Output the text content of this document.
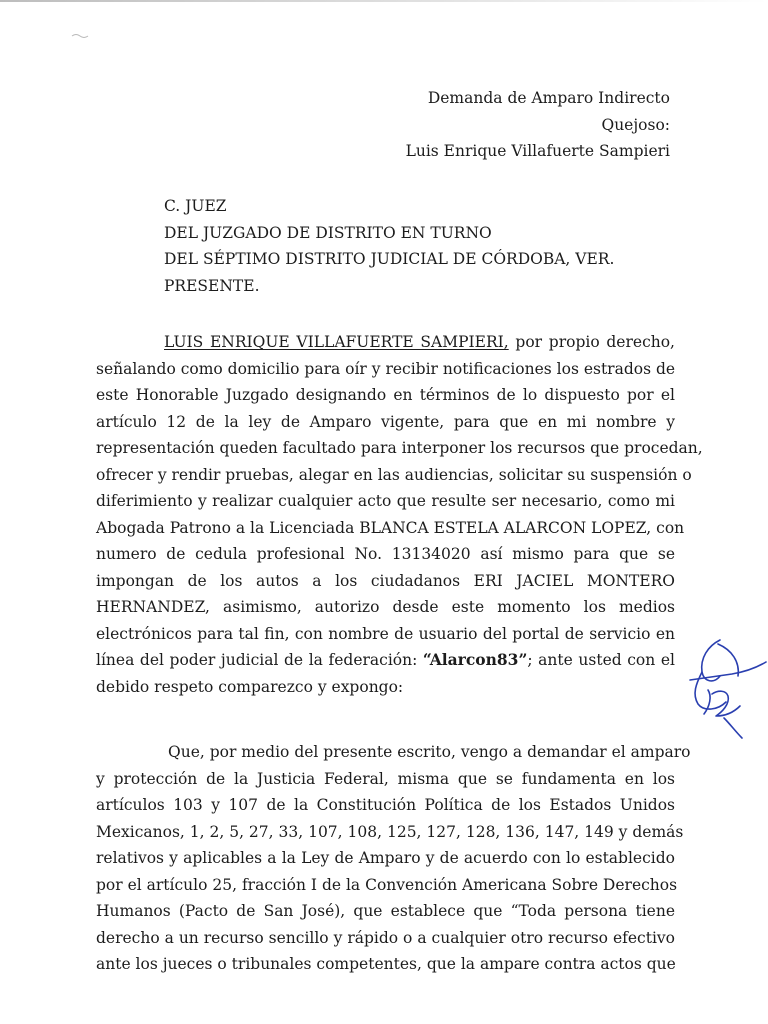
Demanda de Amparo Indirecto
Quejoso:
Luis Enrique Villafuerte Sampieri
C. JUEZ
DEL JUZGADO DE DISTRITO EN TURNO
DEL SÉPTIMO DISTRITO JUDICIAL DE CÓRDOBA, VER.
PRESENTE.
LUIS ENRIQUE VILLAFUERTE SAMPIERI, por propio derecho,
señalando como domicilio para oír y recibir notificaciones los estrados de
este Honorable Juzgado designando en términos de lo dispuesto por el
artículo 12 de la ley de Amparo vigente, para que en mi nombre y
representación queden facultado para interponer los recursos que procedan,
ofrecer y rendir pruebas, alegar en las audiencias, solicitar su suspensión o
diferimiento y realizar cualquier acto que resulte ser necesario, como mi
Abogada Patrono a la Licenciada BLANCA ESTELA ALARCON LOPEZ, con
numero de cedula profesional No. 13134020 así mismo para que se
impongan de los autos a los ciudadanos ERI JACIEL MONTERO
HERNANDEZ, asimismo, autorizo desde este momento los medios
electrónicos para tal fin, con nombre de usuario del portal de servicio en
línea del poder judicial de la federación: “Alarcon83”; ante usted con el
debido respeto comparezco y expongo:
Que, por medio del presente escrito, vengo a demandar el amparo
y protección de la Justicia Federal, misma que se fundamenta en los
artículos 103 y 107 de la Constitución Política de los Estados Unidos
Mexicanos, 1, 2, 5, 27, 33, 107, 108, 125, 127, 128, 136, 147, 149 y demás
relativos y aplicables a la Ley de Amparo y de acuerdo con lo establecido
por el artículo 25, fracción I de la Convención Americana Sobre Derechos
Humanos (Pacto de San José), que establece que “Toda persona tiene
derecho a un recurso sencillo y rápido o a cualquier otro recurso efectivo
ante los jueces o tribunales competentes, que la ampare contra actos que
